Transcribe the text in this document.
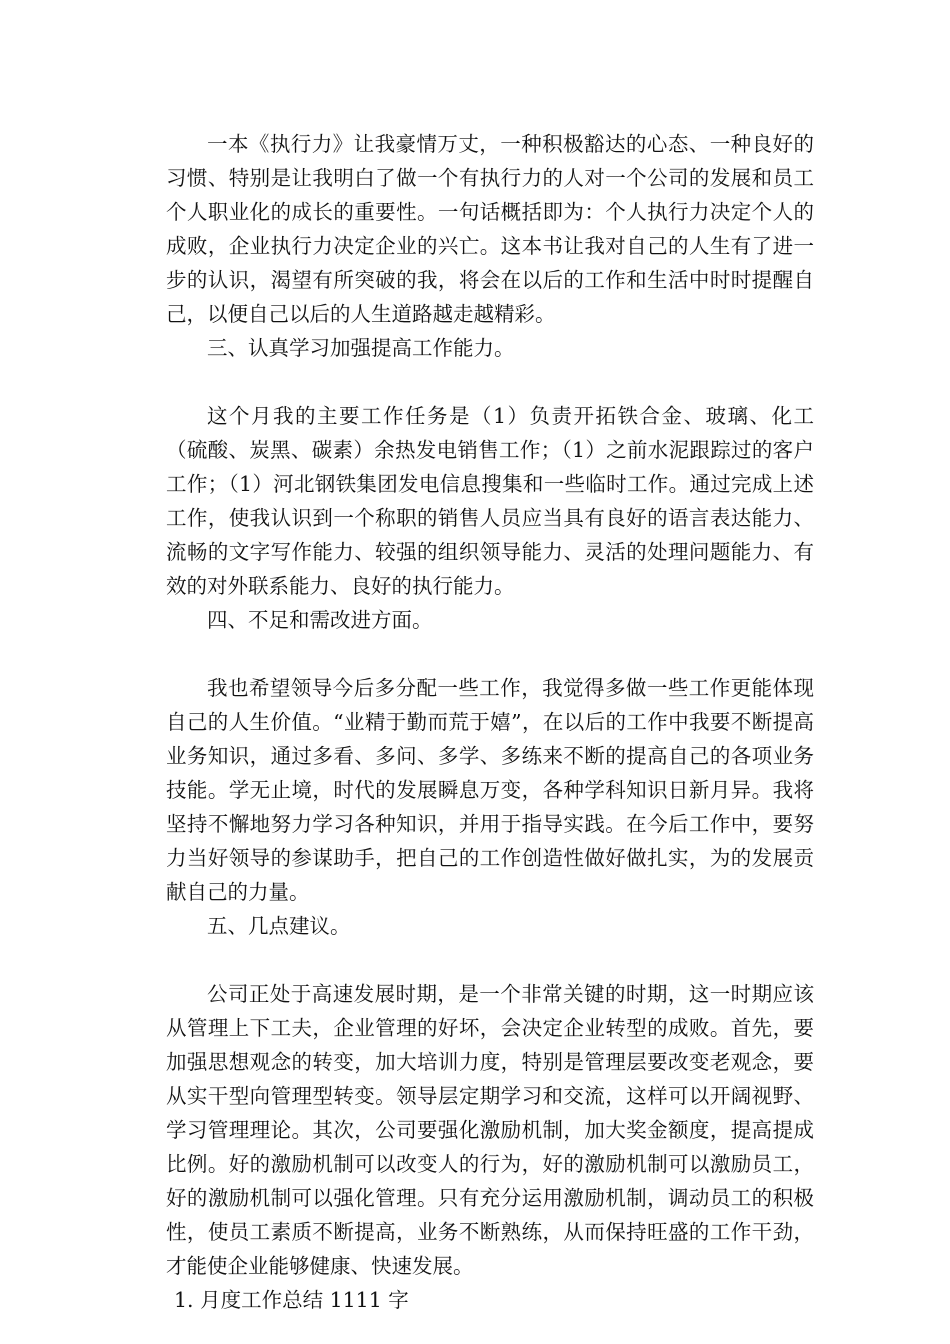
一本《执行力》让我豪情万丈，一种积极豁达的心态、一种良好的习惯、特别是让我明白了做一个有执行力的人对一个公司的发展和员工个人职业化的成长的重要性。一句话概括即为：个人执行力决定个人的成败，企业执行力决定企业的兴亡。这本书让我对自己的人生有了进一步的认识，渴望有所突破的我，将会在以后的工作和生活中时时提醒自己，以便自己以后的人生道路越走越精彩。

三、认真学习加强提高工作能力。

这个月我的主要工作任务是（1）负责开拓铁合金、玻璃、化工（硫酸、炭黑、碳素）余热发电销售工作；（1）之前水泥跟踪过的客户工作；（1）河北钢铁集团发电信息搜集和一些临时工作。通过完成上述工作，使我认识到一个称职的销售人员应当具有良好的语言表达能力、流畅的文字写作能力、较强的组织领导能力、灵活的处理问题能力、有效的对外联系能力、良好的执行能力。

四、不足和需改进方面。

我也希望领导今后多分配一些工作，我觉得多做一些工作更能体现自己的人生价值。“业精于勤而荒于嬉”，在以后的工作中我要不断提高业务知识，通过多看、多问、多学、多练来不断的提高自己的各项业务技能。学无止境，时代的发展瞬息万变，各种学科知识日新月异。我将坚持不懈地努力学习各种知识，并用于指导实践。在今后工作中，要努力当好领导的参谋助手，把自己的工作创造性做好做扎实，为的发展贡献自己的力量。

五、几点建议。

公司正处于高速发展时期，是一个非常关键的时期，这一时期应该从管理上下工夫，企业管理的好坏，会决定企业转型的成败。首先，要加强思想观念的转变，加大培训力度，特别是管理层要改变老观念，要从实干型向管理型转变。领导层定期学习和交流，这样可以开阔视野、学习管理理论。其次，公司要强化激励机制，加大奖金额度，提高提成比例。好的激励机制可以改变人的行为，好的激励机制可以激励员工，好的激励机制可以强化管理。只有充分运用激励机制，调动员工的积极性，使员工素质不断提高，业务不断熟练，从而保持旺盛的工作干劲，才能使企业能够健康、快速发展。

1. 月度工作总结 1111 字
